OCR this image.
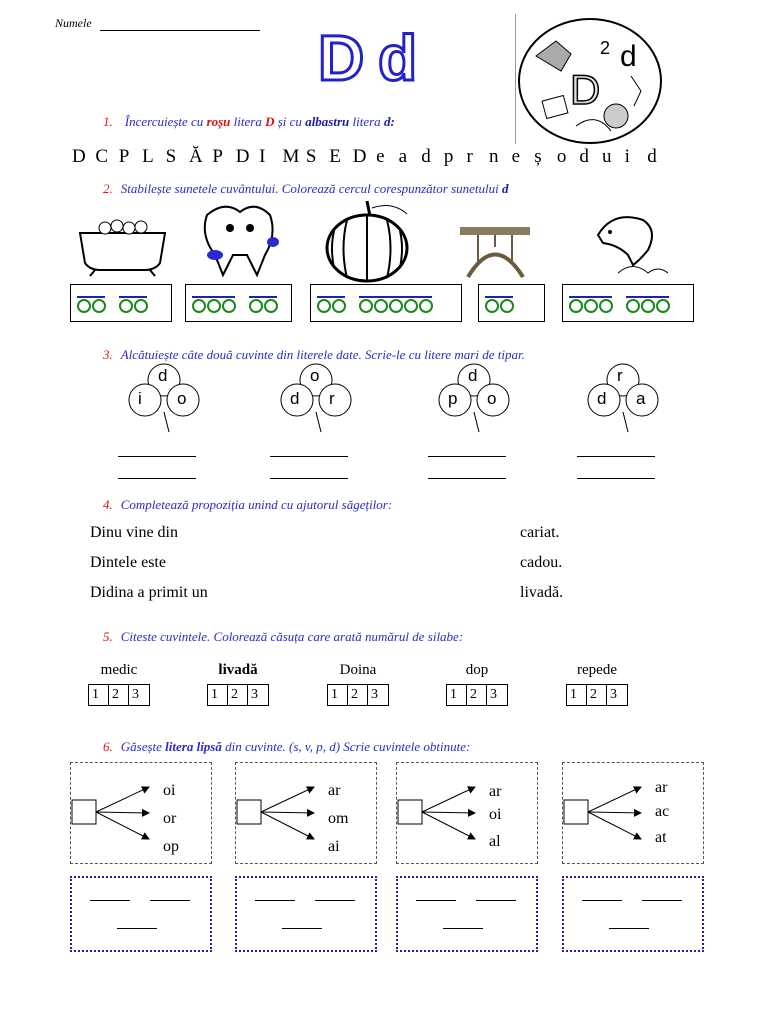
Numele	D d	D
d
2
1. Încercuiește cu roșu litera D și cu albastru litera d:
D C P L S Ă P D I M S E D e a d p r n e ș o d u i d
2. Stabilește sunetele cuvântului. Colorează cercul corespunzător sunetului d
3. Alcătuiește câte două cuvinte din literele date. Scrie-le cu litere mari de tipar.
d
i o
o
d r
d
p o
r
d a
4. Completează propoziția unind cu ajutorul săgeților:
Dinu vine din
Dintele este
Didina a primit un
cariat.
cadou.
livadă.
5. Citeste cuvintele. Colorează căsuța care arată numărul de silabe:
medic
1 2 3
livadă
1 2 3
Doina
1 2 3
dop
1 2 3
repede
1 2 3
6. Găsește litera lipsă din cuvinte. (s, v, p, d) Scrie cuvintele obtinute:
oi
or
op
ar
om
ai
ar
oi
al
ar
ac
at
